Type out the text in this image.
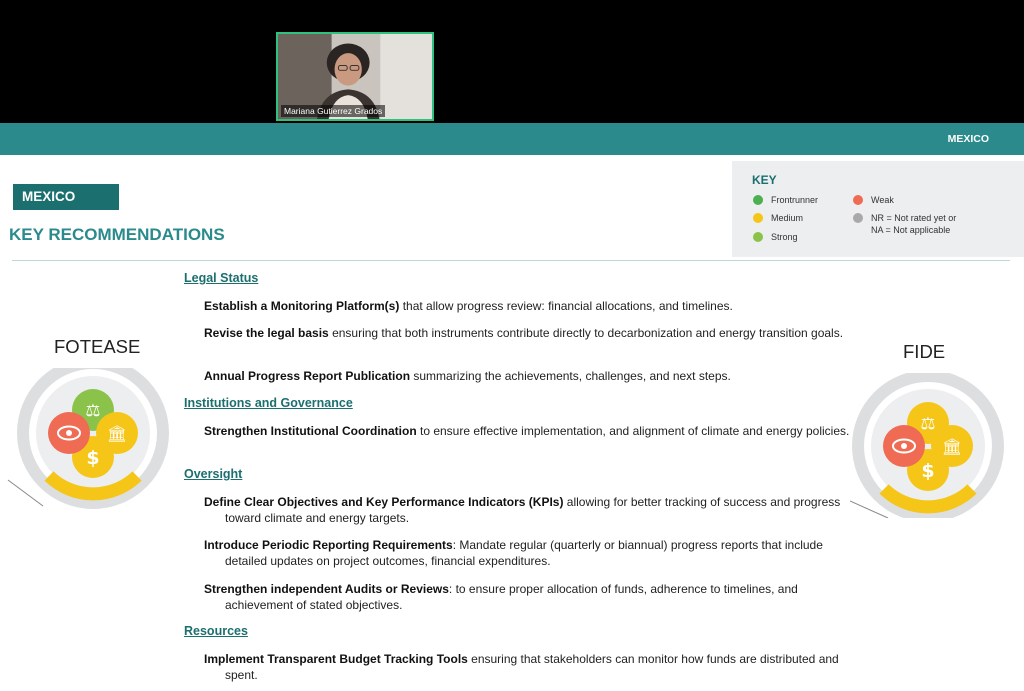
Mariana Gutierrez Grados
MEXICO
MEXICO
KEY RECOMMENDATIONS
KEY
Frontrunner
Medium
Strong
Weak
NR = Not rated yet or
NA = Not applicable
FOTEASE
⚖
🏛
$
FIDE
⚖
🏛
$
Legal Status
Establish a Monitoring Platform(s) that allow progress review: financial allocations, and timelines.
Revise the legal basis ensuring that both instruments contribute directly to decarbonization and energy transition goals.
Annual Progress Report Publication summarizing the achievements, challenges, and next steps.
Institutions and Governance
Strengthen Institutional Coordination to ensure effective implementation, and alignment of climate and energy policies.
Oversight
Define Clear Objectives and Key Performance Indicators (KPIs) allowing for better tracking of success and progress toward climate and energy targets.
Introduce Periodic Reporting Requirements: Mandate regular (quarterly or biannual) progress reports that include detailed updates on project outcomes, financial expenditures.
Strengthen independent Audits or Reviews: to ensure proper allocation of funds, adherence to timelines, and achievement of stated objectives.
Resources
Implement Transparent Budget Tracking Tools ensuring that stakeholders can monitor how funds are distributed and spent.
